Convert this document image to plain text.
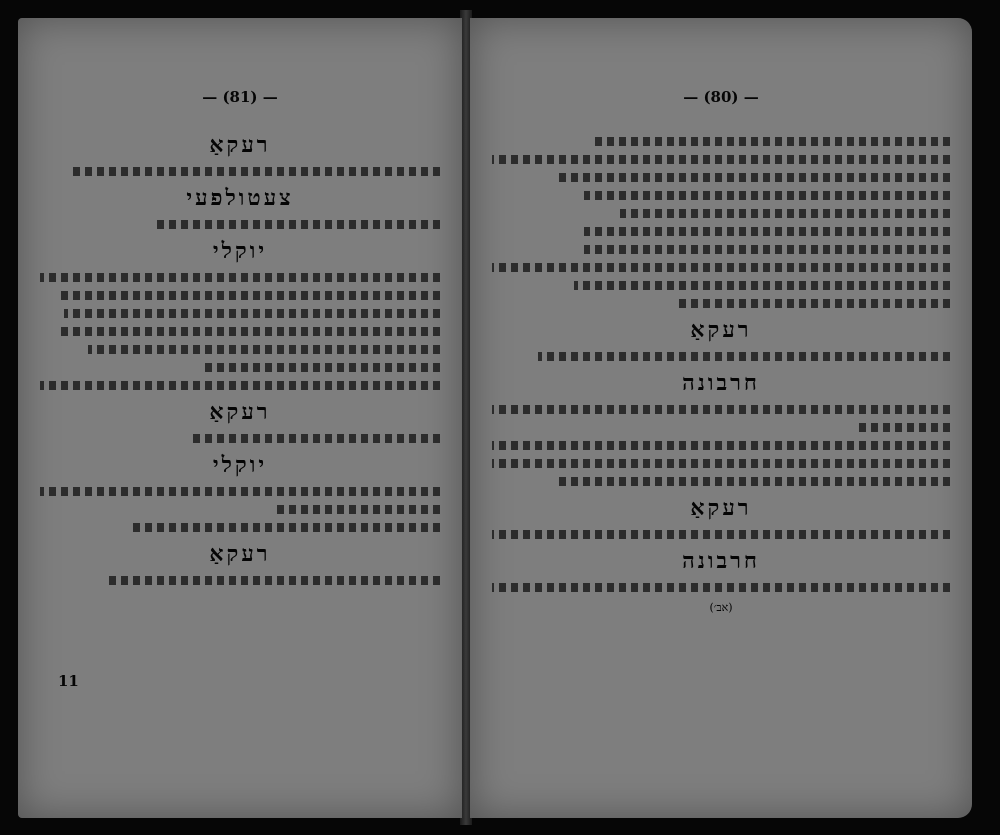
— (81) —
רעקאַ
צעטולפעי
יוקלי
רעקאַ
יוקלי
רעקאַ
11
— (80) —
רעקאַ
חרבונה
רעקאַ
חרבונה
(אב׳)
